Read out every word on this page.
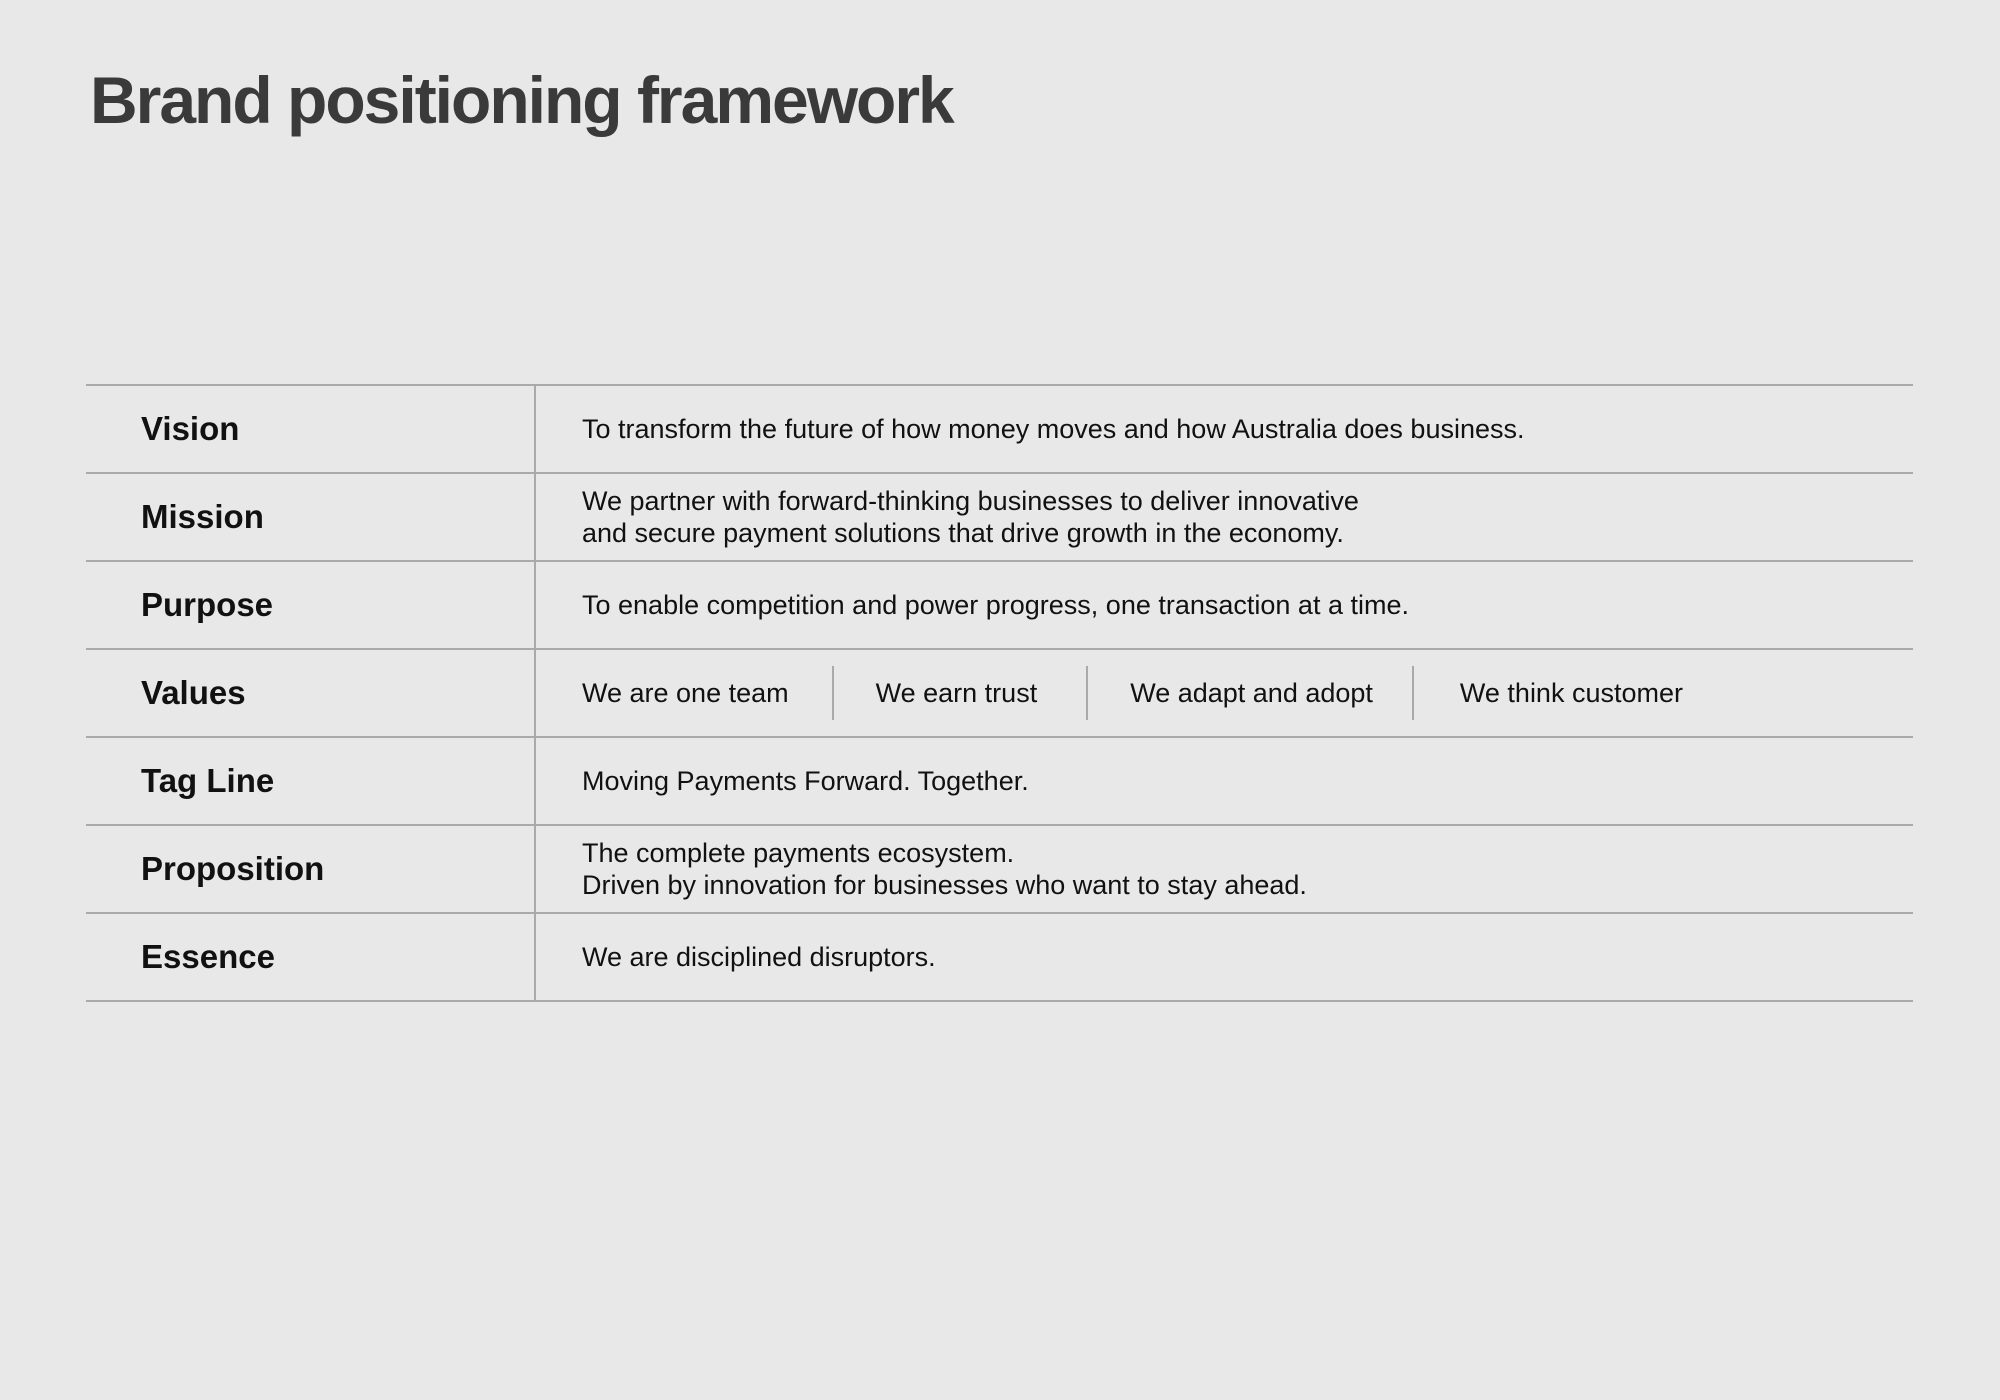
Brand positioning framework
Vision	To transform the future of how money moves and how Australia does business.
Mission	We partner with forward-thinking businesses to deliver innovative
and secure payment solutions that drive growth in the economy.
Purpose	To enable competition and power progress, one transaction at a time.
Values	We are one team	We earn trust	We adapt and adopt	We think customer
Tag Line	Moving Payments Forward. Together.
Proposition	The complete payments ecosystem.
Driven by innovation for businesses who want to stay ahead.
Essence	We are disciplined disruptors.
